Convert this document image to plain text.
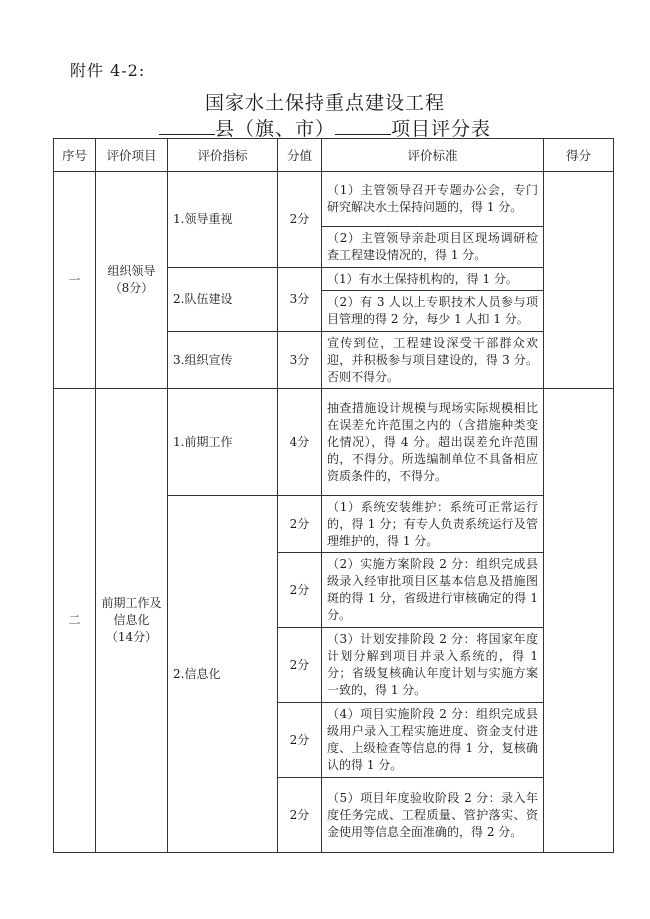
附件 4-2:
国家水土保持重点建设工程
县（旗、市）	项目评分表
序号	评价项目	评价指标	分值	评价标准	得分
一	组织领导（8分）	1.领导重视	2分	（1）主管领导召开专题办公会，专门研究解决水土保持问题的，得 1 分。	
				（2）主管领导亲赴项目区现场调研检查工程建设情况的，得 1 分。	
		2.队伍建设	3分	（1）有水土保持机构的，得 1 分。	
				（2）有 3 人以上专职技术人员参与项目管理的得 2 分，每少 1 人扣 1 分。	
		3.组织宣传	3分	宣传到位，工程建设深受干部群众欢迎，并积极参与项目建设的，得 3 分。否则不得分。	
二	前期工作及信息化（14分）	1.前期工作	4分	抽查措施设计规模与现场实际规模相比在误差允许范围之内的（含措施种类变化情况），得 4 分。超出误差允许范围的，不得分。所选编制单位不具备相应资质条件的，不得分。	
		2.信息化	2分	（1）系统安装维护：系统可正常运行的，得 1 分；有专人负责系统运行及管理维护的，得 1 分。	
			2分	（2）实施方案阶段 2 分：组织完成县级录入经审批项目区基本信息及措施图斑的得 1 分，省级进行审核确定的得 1 分。	
			2分	（3）计划安排阶段 2 分：将国家年度计划分解到项目并录入系统的，得 1 分；省级复核确认年度计划与实施方案一致的，得 1 分。	
			2分	（4）项目实施阶段 2 分：组织完成县级用户录入工程实施进度、资金支付进度、上级检查等信息的得 1 分，复核确认的得 1 分。	
			2分	（5）项目年度验收阶段 2 分：录入年度任务完成、工程质量、管护落实、资金使用等信息全面准确的，得 2 分。	
